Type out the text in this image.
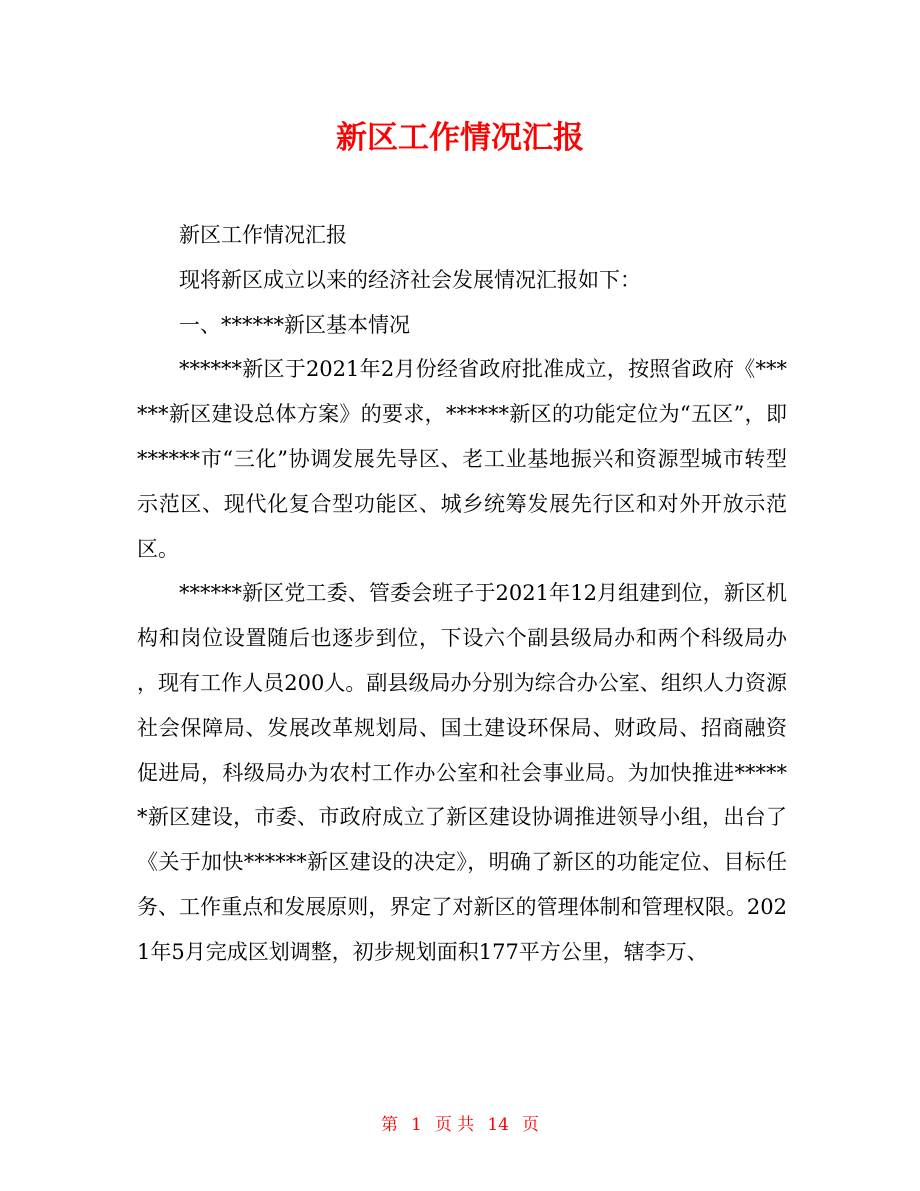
新区工作情况汇报

新区工作情况汇报

现将新区成立以来的经济社会发展情况汇报如下：

一、******新区基本情况

******新区于2021年2月份经省政府批准成立，按照省政府《******新区建设总体方案》的要求，******新区的功能定位为“五区”，即******市“三化”协调发展先导区、老工业基地振兴和资源型城市转型示范区、现代化复合型功能区、城乡统筹发展先行区和对外开放示范区。

******新区党工委、管委会班子于2021年12月组建到位，新区机构和岗位设置随后也逐步到位，下设六个副县级局办和两个科级局办，现有工作人员200人。副县级局办分别为综合办公室、组织人力资源社会保障局、发展改革规划局、国土建设环保局、财政局、招商融资促进局，科级局办为农村工作办公室和社会事业局。为加快推进******新区建设，市委、市政府成立了新区建设协调推进领导小组，出台了《关于加快******新区建设的决定》，明确了新区的功能定位、目标任务、工作重点和发展原则，界定了对新区的管理体制和管理权限。2021年5月完成区划调整，初步规划面积177平方公里，辖李万、

第 1 页 共 14 页
